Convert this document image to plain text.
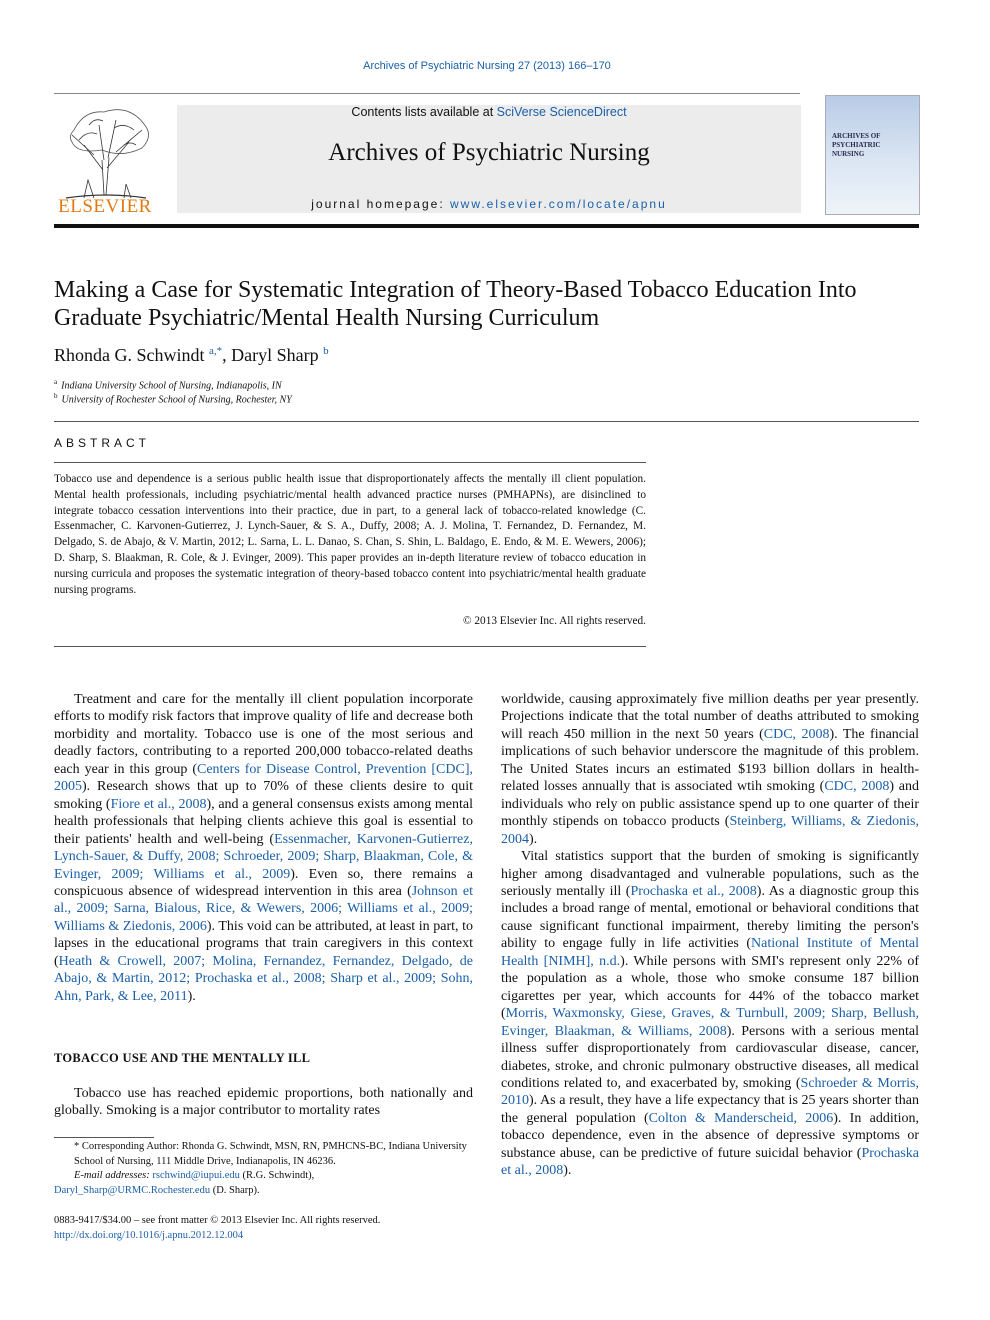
Archives of Psychiatric Nursing 27 (2013) 166–170
ELSEVIER
Contents lists available at SciVerse ScienceDirect
Archives of Psychiatric Nursing
journal homepage: www.elsevier.com/locate/apnu
ARCHIVES OF PSYCHIATRIC NURSING
Making a Case for Systematic Integration of Theory-Based Tobacco Education Into Graduate Psychiatric/Mental Health Nursing Curriculum
Rhonda G. Schwindt $^{a,*}$, Daryl Sharp $^b$
$^a$ Indiana University School of Nursing, Indianapolis, IN
$^b$ University of Rochester School of Nursing, Rochester, NY
ABSTRACT
Tobacco use and dependence is a serious public health issue that disproportionately affects the mentally ill client population. Mental health professionals, including psychiatric/mental health advanced practice nurses (PMHAPNs), are disinclined to integrate tobacco cessation interventions into their practice, due in part, to a general lack of tobacco-related knowledge (C. Essenmacher, C. Karvonen-Gutierrez, J. Lynch-Sauer, & S. A., Duffy, 2008; A. J. Molina, T. Fernandez, D. Fernandez, M. Delgado, S. de Abajo, & V. Martin, 2012; L. Sarna, L. L. Danao, S. Chan, S. Shin, L. Baldago, E. Endo, & M. E. Wewers, 2006); D. Sharp, S. Blaakman, R. Cole, & J. Evinger, 2009). This paper provides an in-depth literature review of tobacco education in nursing curricula and proposes the systematic integration of theory-based tobacco content into psychiatric/mental health graduate nursing programs.
© 2013 Elsevier Inc. All rights reserved.

Treatment and care for the mentally ill client population incorporate efforts to modify risk factors that improve quality of life and decrease both morbidity and mortality. Tobacco use is one of the most serious and deadly factors, contributing to a reported 200,000 tobacco-related deaths each year in this group (Centers for Disease Control, Prevention [CDC], 2005). Research shows that up to 70% of these clients desire to quit smoking (Fiore et al., 2008), and a general consensus exists among mental health professionals that helping clients achieve this goal is essential to their patients' health and well-being (Essenmacher, Karvonen-Gutierrez, Lynch-Sauer, & Duffy, 2008; Schroeder, 2009; Sharp, Blaakman, Cole, & Evinger, 2009; Williams et al., 2009). Even so, there remains a conspicuous absence of widespread intervention in this area (Johnson et al., 2009; Sarna, Bialous, Rice, & Wewers, 2006; Williams et al., 2009; Williams & Ziedonis, 2006). This void can be attributed, at least in part, to lapses in the educational programs that train caregivers in this context (Heath & Crowell, 2007; Molina, Fernandez, Fernandez, Delgado, de Abajo, & Martin, 2012; Prochaska et al., 2008; Sharp et al., 2009; Sohn, Ahn, Park, & Lee, 2011).

TOBACCO USE AND THE MENTALLY ILL

Tobacco use has reached epidemic proportions, both nationally and globally. Smoking is a major contributor to mortality rates

worldwide, causing approximately five million deaths per year presently. Projections indicate that the total number of deaths attributed to smoking will reach 450 million in the next 50 years (CDC, 2008). The financial implications of such behavior underscore the magnitude of this problem. The United States incurs an estimated $193 billion dollars in health-related losses annually that is associated wtih smoking (CDC, 2008) and individuals who rely on public assistance spend up to one quarter of their monthly stipends on tobacco products (Steinberg, Williams, & Ziedonis, 2004).

Vital statistics support that the burden of smoking is significantly higher among disadvantaged and vulnerable populations, such as the seriously mentally ill (Prochaska et al., 2008). As a diagnostic group this includes a broad range of mental, emotional or behavioral conditions that cause significant functional impairment, thereby limiting the person's ability to engage fully in life activities (National Institute of Mental Health [NIMH], n.d.). While persons with SMI's represent only 22% of the population as a whole, those who smoke consume 187 billion cigarettes per year, which accounts for 44% of the tobacco market (Morris, Waxmonsky, Giese, Graves, & Turnbull, 2009; Sharp, Bellush, Evinger, Blaakman, & Williams, 2008). Persons with a serious mental illness suffer disproportionately from cardiovascular disease, cancer, diabetes, stroke, and chronic pulmonary obstructive diseases, all medical conditions related to, and exacerbated by, smoking (Schroeder & Morris, 2010). As a result, they have a life expectancy that is 25 years shorter than the general population (Colton & Manderscheid, 2006). In addition, tobacco dependence, even in the absence of depressive symptoms or substance abuse, can be predictive of future suicidal behavior (Prochaska et al., 2008).

* Corresponding Author: Rhonda G. Schwindt, MSN, RN, PMHCNS-BC, Indiana University School of Nursing, 111 Middle Drive, Indianapolis, IN 46236.
E-mail addresses: rschwind@iupui.edu (R.G. Schwindt),
Daryl_Sharp@URMC.Rochester.edu (D. Sharp).
0883-9417/$34.00 – see front matter © 2013 Elsevier Inc. All rights reserved.
http://dx.doi.org/10.1016/j.apnu.2012.12.004
